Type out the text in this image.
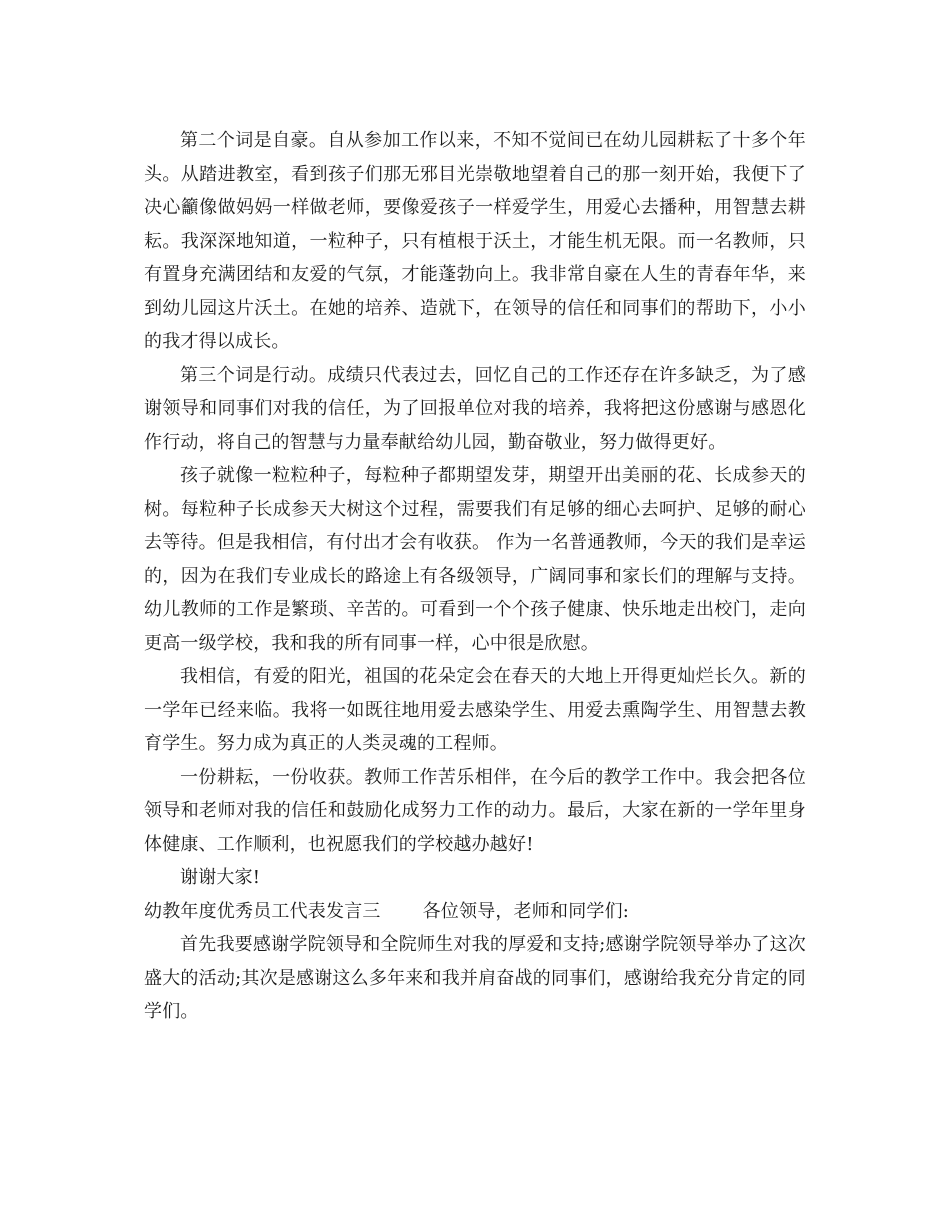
第二个词是自豪。自从参加工作以来，不知不觉间已在幼儿园耕耘了十多个年头。从踏进教室，看到孩子们那无邪目光崇敬地望着自己的那一刻开始，我便下了决心籲像做妈妈一样做老师，要像爱孩子一样爱学生，用爱心去播种，用智慧去耕耘。我深深地知道，一粒种子，只有植根于沃土，才能生机无限。而一名教师，只有置身充满团结和友爱的气氛，才能蓬勃向上。我非常自豪在人生的青春年华，来到幼儿园这片沃土。在她的培养、造就下，在领导的信任和同事们的帮助下，小小的我才得以成长。

第三个词是行动。成绩只代表过去，回忆自己的工作还存在许多缺乏，为了感谢领导和同事们对我的信任，为了回报单位对我的培养，我将把这份感谢与感恩化作行动，将自己的智慧与力量奉献给幼儿园，勤奋敬业，努力做得更好。

孩子就像一粒粒种子，每粒种子都期望发芽，期望开出美丽的花、长成参天的树。每粒种子长成参天大树这个过程，需要我们有足够的细心去呵护、足够的耐心去等待。但是我相信，有付出才会有收获。 作为一名普通教师，今天的我们是幸运的，因为在我们专业成长的路途上有各级领导，广阔同事和家长们的理解与支持。幼儿教师的工作是繁琐、辛苦的。可看到一个个孩子健康、快乐地走出校门，走向更高一级学校，我和我的所有同事一样，心中很是欣慰。

我相信，有爱的阳光，祖国的花朵定会在春天的大地上开得更灿烂长久。新的一学年已经来临。我将一如既往地用爱去感染学生、用爱去熏陶学生、用智慧去教育学生。努力成为真正的人类灵魂的工程师。

一份耕耘，一份收获。教师工作苦乐相伴，在今后的教学工作中。我会把各位领导和老师对我的信任和鼓励化成努力工作的动力。最后，大家在新的一学年里身体健康、工作顺利，也祝愿我们的学校越办越好!

谢谢大家!

幼教年度优秀员工代表发言三 各位领导，老师和同学们:

首先我要感谢学院领导和全院师生对我的厚爱和支持;感谢学院领导举办了这次盛大的活动;其次是感谢这么多年来和我并肩奋战的同事们，感谢给我充分肯定的同学们。
